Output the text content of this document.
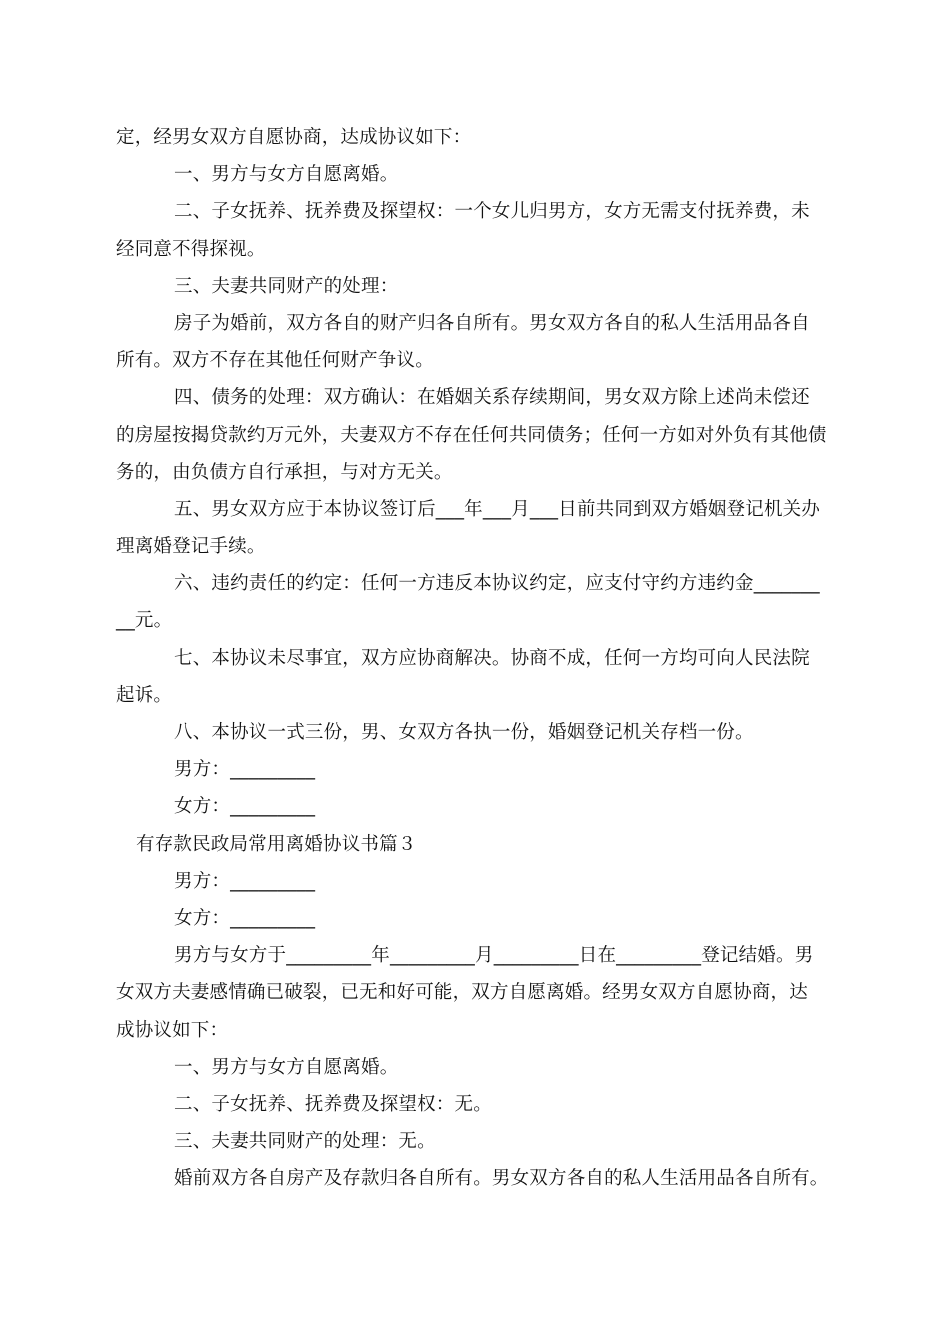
定，经男女双方自愿协商，达成协议如下：
一、男方与女方自愿离婚。
二、子女抚养、抚养费及探望权：一个女儿归男方，女方无需支付抚养费，未
经同意不得探视。
三、夫妻共同财产的处理：
房子为婚前，双方各自的财产归各自所有。男女双方各自的私人生活用品各自
所有。双方不存在其他任何财产争议。
四、债务的处理：双方确认：在婚姻关系存续期间，男女双方除上述尚未偿还
的房屋按揭贷款约万元外，夫妻双方不存在任何共同债务；任何一方如对外负有其他债
务的，由负债方自行承担，与对方无关。
五、男女双方应于本协议签订后___年___月___日前共同到双方婚姻登记机关办
理离婚登记手续。
六、违约责任的约定：任何一方违反本协议约定，应支付守约方违约金_______
__元。
七、本协议未尽事宜，双方应协商解决。协商不成，任何一方均可向人民法院
起诉。
八、本协议一式三份，男、女双方各执一份，婚姻登记机关存档一份。
男方：_________
女方：_________
有存款民政局常用离婚协议书篇３
男方：_________
女方：_________
男方与女方于_________年_________月_________日在_________登记结婚。男
女双方夫妻感情确已破裂，已无和好可能，双方自愿离婚。经男女双方自愿协商，达
成协议如下：
一、男方与女方自愿离婚。
二、子女抚养、抚养费及探望权：无。
三、夫妻共同财产的处理：无。
婚前双方各自房产及存款归各自所有。男女双方各自的私人生活用品各自所有。
